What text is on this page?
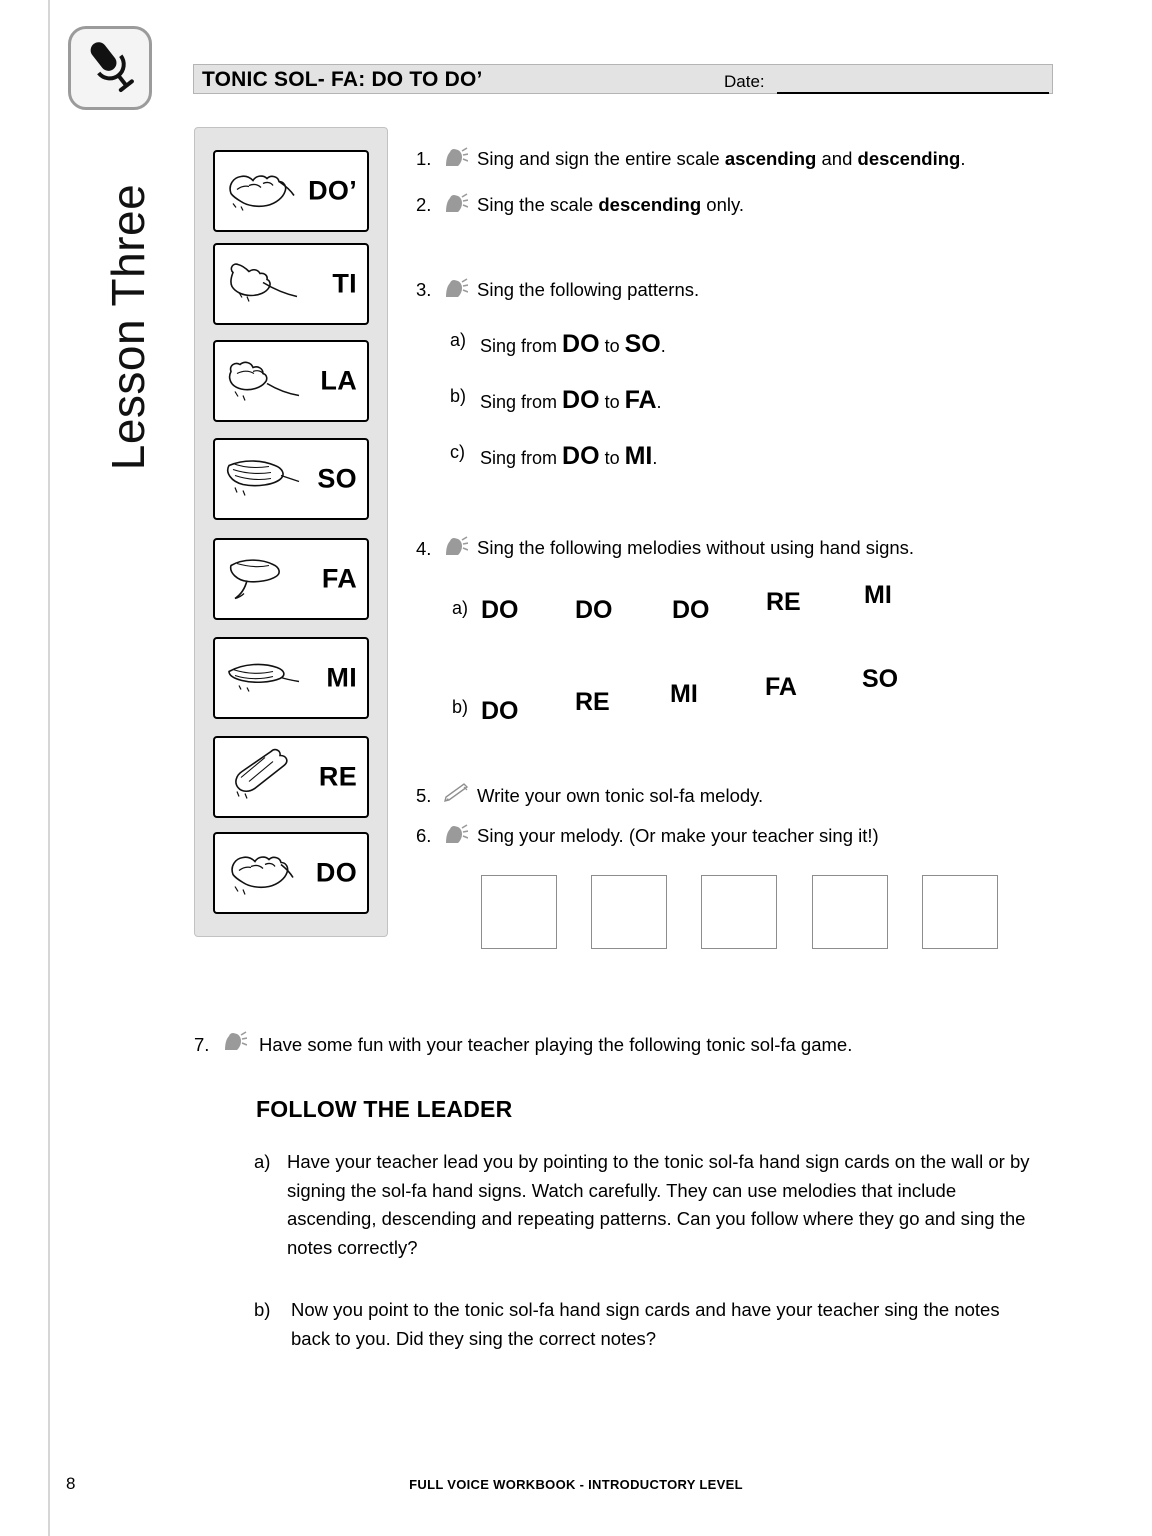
Lesson Three
TONIC SOL- FA: DO TO DO’	Date:
DO’
TI
LA
SO
FA
MI
RE
DO
1. Sing and sign the entire scale ascending and descending.
2. Sing the scale descending only.
3. Sing the following patterns.
a) Sing from DO to SO.
b) Sing from DO to FA.
c) Sing from DO to MI.
4. Sing the following melodies without using hand signs.
a) DO DO DO RE	MI
b) DO RE MI	FA	SO
5. Write your own tonic sol-fa melody.
6. Sing your melody. (Or make your teacher sing it!)
7.	Have some fun with your teacher playing the following tonic sol-fa game.
FOLLOW THE LEADER
a) Have your teacher lead you by pointing to the tonic sol-fa hand sign cards on the wall or by signing the sol-fa hand signs. Watch carefully. They can use melodies that include ascending, descending and repeating patterns. Can you follow where they go and sing the notes correctly?
b)	Now you point to the tonic sol-fa hand sign cards and have your teacher sing the notes back to you. Did they sing the correct notes?
8	FULL VOICE WORKBOOK - INTRODUCTORY LEVEL
